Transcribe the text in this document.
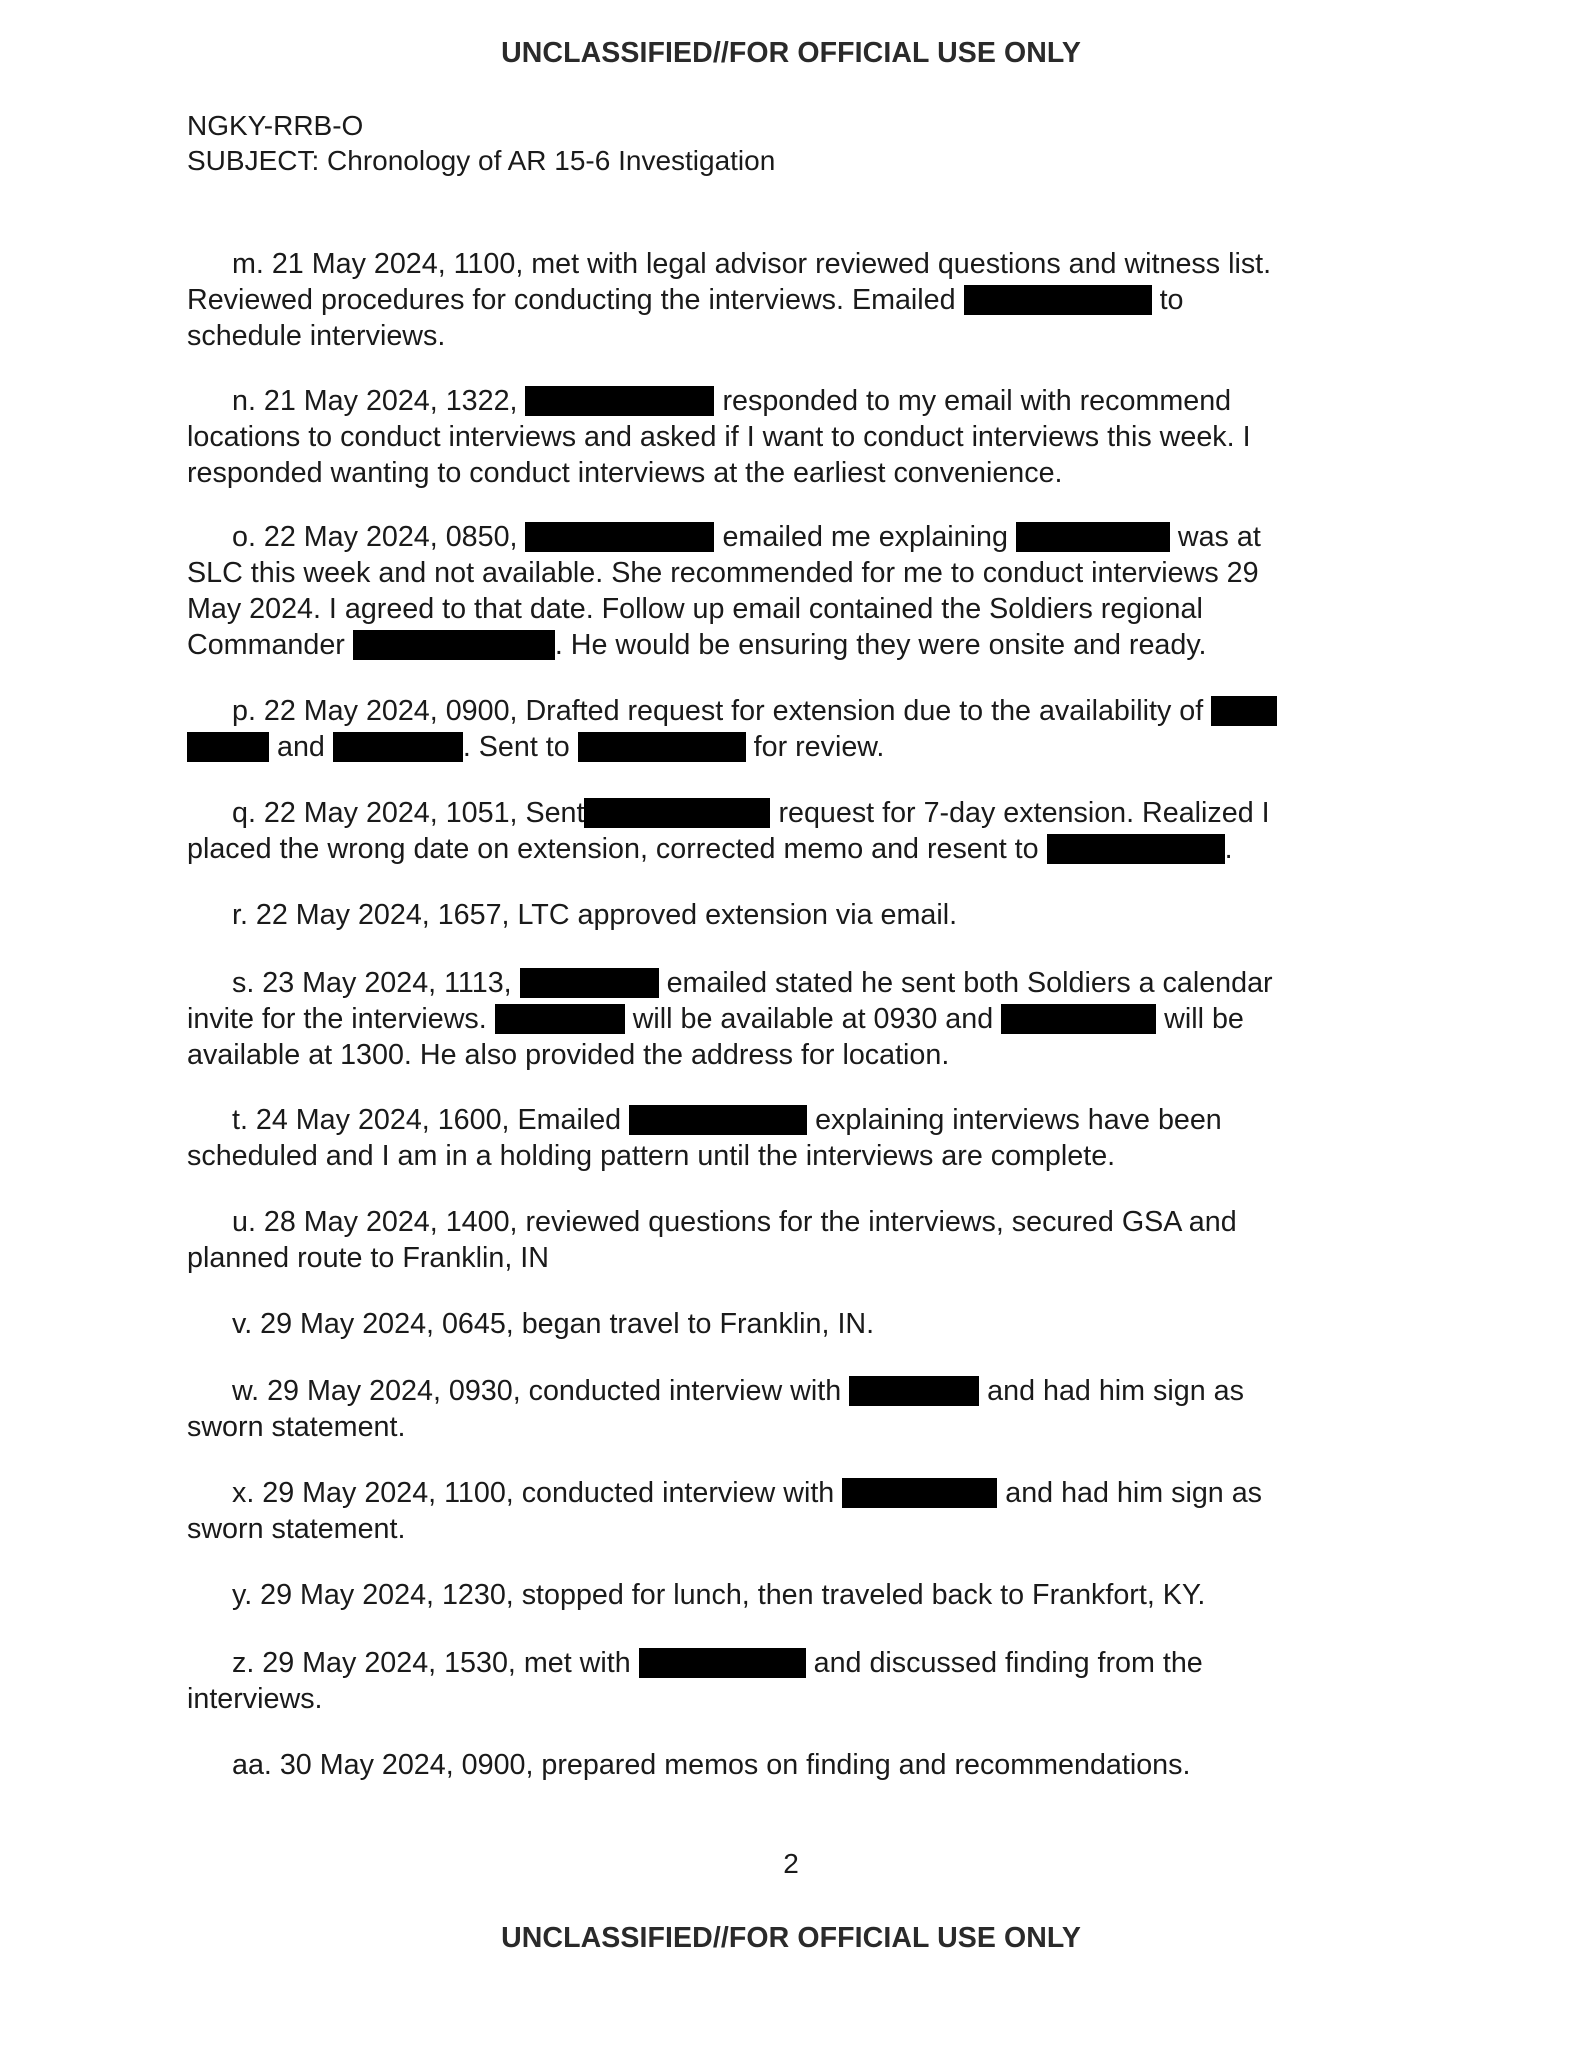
UNCLASSIFIED//FOR OFFICIAL USE ONLY
NGKY-RRB-O
SUBJECT: Chronology of AR 15-6 Investigation
m. 21 May 2024, 1100, met with legal advisor reviewed questions and witness list.
Reviewed procedures for conducting the interviews. Emailed	to
schedule interviews.
n. 21 May 2024, 1322,	responded to my email with recommend
locations to conduct interviews and asked if I want to conduct interviews this week. I
responded wanting to conduct interviews at the earliest convenience.
o. 22 May 2024, 0850,	emailed me explaining	was at
SLC this week and not available. She recommended for me to conduct interviews 29
May 2024. I agreed to that date. Follow up email contained the Soldiers regional
Commander	. He would be ensuring they were onsite and ready.
p. 22 May 2024, 0900, Drafted request for extension due to the availability of
and	. Sent to	for review.
q. 22 May 2024, 1051, Sent	request for 7-day extension. Realized I
placed the wrong date on extension, corrected memo and resent to	.
r. 22 May 2024, 1657, LTC approved extension via email.
s. 23 May 2024, 1113,	emailed stated he sent both Soldiers a calendar
invite for the interviews.	will be available at 0930 and	will be
available at 1300. He also provided the address for location.
t. 24 May 2024, 1600, Emailed	explaining interviews have been
scheduled and I am in a holding pattern until the interviews are complete.
u. 28 May 2024, 1400, reviewed questions for the interviews, secured GSA and
planned route to Franklin, IN
v. 29 May 2024, 0645, began travel to Franklin, IN.
w. 29 May 2024, 0930, conducted interview with	and had him sign as
sworn statement.
x. 29 May 2024, 1100, conducted interview with	and had him sign as
sworn statement.
y. 29 May 2024, 1230, stopped for lunch, then traveled back to Frankfort, KY.
z. 29 May 2024, 1530, met with	and discussed finding from the
interviews.
aa. 30 May 2024, 0900, prepared memos on finding and recommendations.
2
UNCLASSIFIED//FOR OFFICIAL USE ONLY
